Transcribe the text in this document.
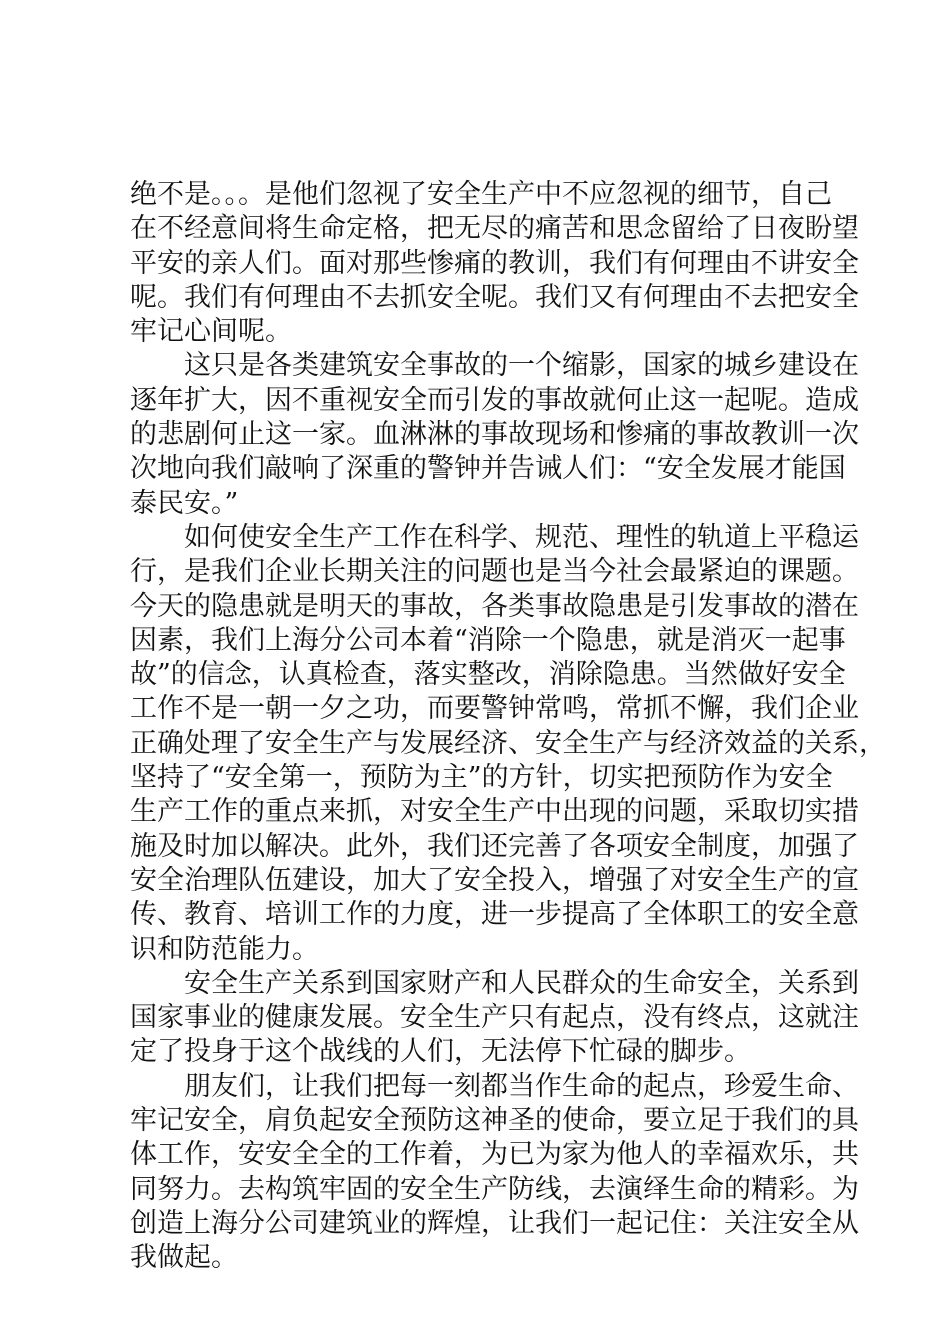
绝不是。。。是他们忽视了安全生产中不应忽视的细节，自己
在不经意间将生命定格，把无尽的痛苦和思念留给了日夜盼望
平安的亲人们。面对那些惨痛的教训，我们有何理由不讲安全
呢。我们有何理由不去抓安全呢。我们又有何理由不去把安全
牢记心间呢。
这只是各类建筑安全事故的一个缩影，国家的城乡建设在
逐年扩大，因不重视安全而引发的事故就何止这一起呢。造成
的悲剧何止这一家。血淋淋的事故现场和惨痛的事故教训一次
次地向我们敲响了深重的警钟并告诫人们：“安全发展才能国
泰民安。”
如何使安全生产工作在科学、规范、理性的轨道上平稳运
行，是我们企业长期关注的问题也是当今社会最紧迫的课题。
今天的隐患就是明天的事故，各类事故隐患是引发事故的潜在
因素，我们上海分公司本着“消除一个隐患，就是消灭一起事
故”的信念，认真检查，落实整改，消除隐患。当然做好安全
工作不是一朝一夕之功，而要警钟常鸣，常抓不懈，我们企业
正确处理了安全生产与发展经济、安全生产与经济效益的关系，
坚持了“安全第一，预防为主”的方针，切实把预防作为安全
生产工作的重点来抓，对安全生产中出现的问题，采取切实措
施及时加以解决。此外，我们还完善了各项安全制度，加强了
安全治理队伍建设，加大了安全投入，增强了对安全生产的宣
传、教育、培训工作的力度，进一步提高了全体职工的安全意
识和防范能力。
安全生产关系到国家财产和人民群众的生命安全，关系到
国家事业的健康发展。安全生产只有起点，没有终点，这就注
定了投身于这个战线的人们，无法停下忙碌的脚步。
朋友们，让我们把每一刻都当作生命的起点，珍爱生命、
牢记安全，肩负起安全预防这神圣的使命，要立足于我们的具
体工作，安安全全的工作着，为已为家为他人的幸福欢乐，共
同努力。去构筑牢固的安全生产防线，去演绎生命的精彩。为
创造上海分公司建筑业的辉煌，让我们一起记住：关注安全从
我做起。
